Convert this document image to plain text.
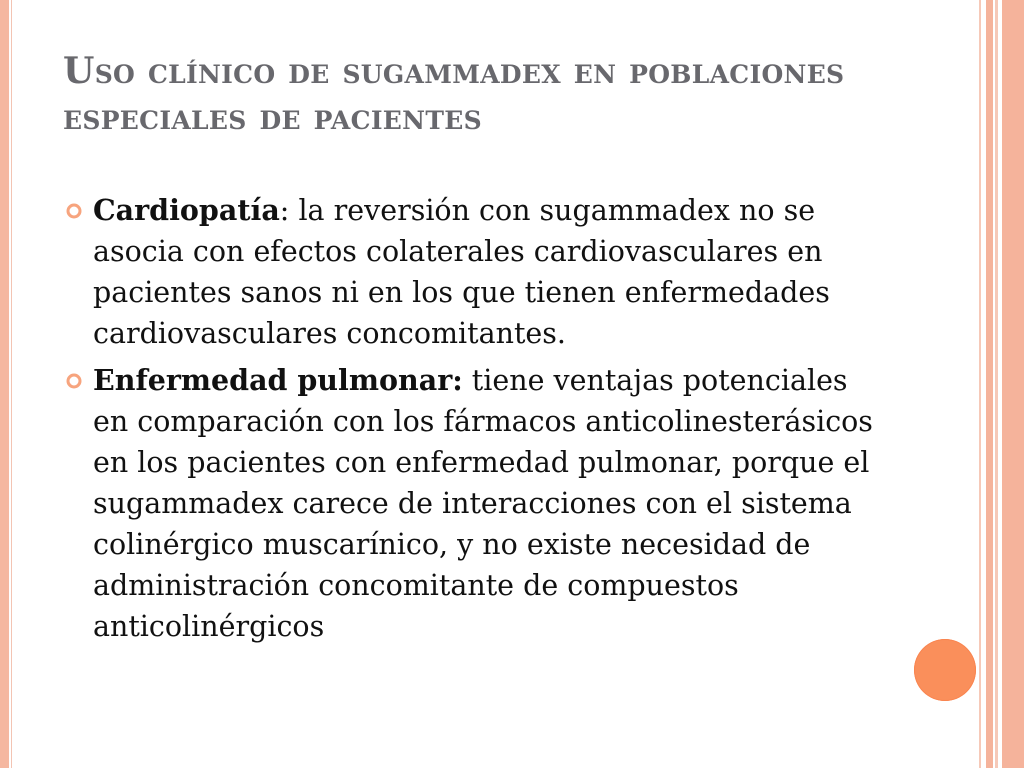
Uso clínico de sugammadex en poblaciones especiales de pacientes
Cardiopatía: la reversión con sugammadex no se asocia con efectos colaterales cardiovasculares en pacientes sanos ni en los que tienen enfermedades cardiovasculares concomitantes.
Enfermedad pulmonar: tiene ventajas potenciales en comparación con los fármacos anticolinesterásicos en los pacientes con enfermedad pulmonar, porque el sugammadex carece de interacciones con el sistema colinérgico muscarínico, y no existe necesidad de administración concomitante de compuestos anticolinérgicos
